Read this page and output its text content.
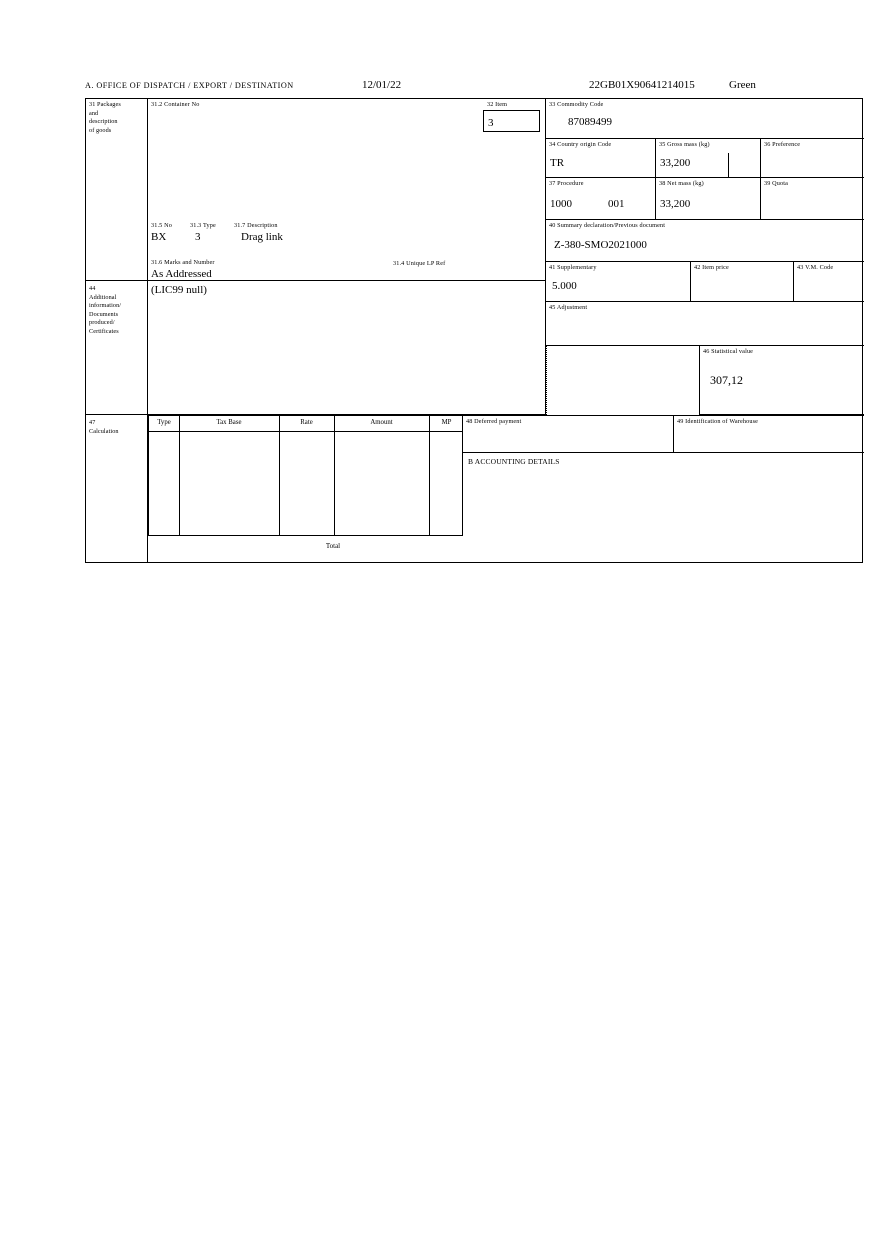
A. OFFICE OF DISPATCH / EXPORT / DESTINATION	12/01/22	22GB01X90641214015	Green
31 Packages
and
description
of goods
31.2 Container No
31.5 No	31.3 Type	31.7 Description
BX	3	Drag link
31.6 Marks and Number	31.4 Unique LP Ref
As Addressed
32 Item
3
33 Commodity Code
87089499
34 Country origin Code
TR
35 Gross mass (kg)
33,200
36 Preference
37 Procedure
1000	001
38 Net mass (kg)
33,200
39 Quota
40 Summary declaration/Previous document
Z-380-SMO2021000
41 Supplementary
5.000
42 Item price	43 V.M. Code
44
Additional
information/
Documents
produced/
Certificates
(LIC99 null)
45 Adjustment
46 Statistical value
307,12
47
Calculation
Type	Tax Base	Rate	Amount	MP
Total
48 Deferred payment	49 Identification of Warehouse
B ACCOUNTING DETAILS
